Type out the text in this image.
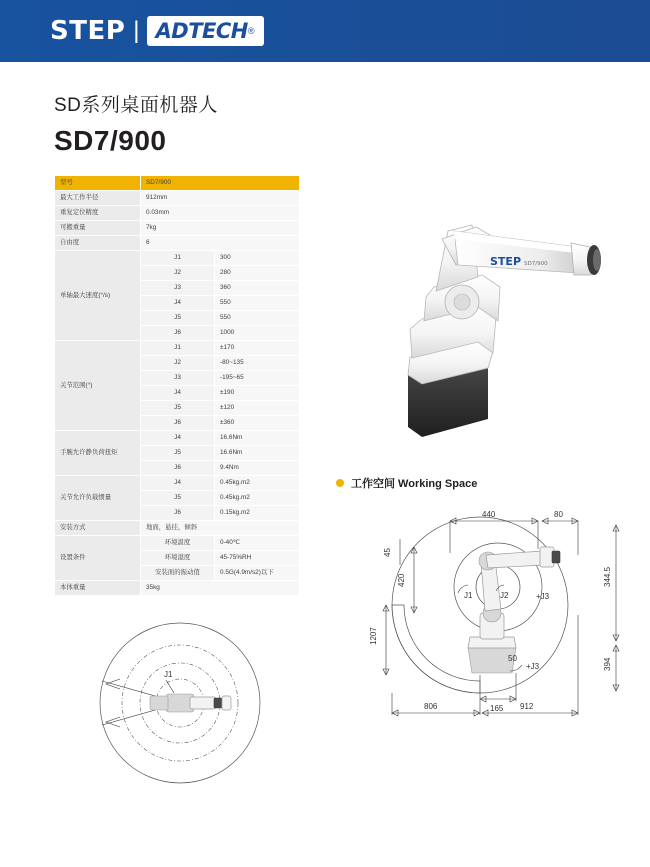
STEP | ADTECH ®
SD系列桌面机器人
SD7/900
型号	SD7/900	
最大工作半径	912mm	
重复定位精度	0.03mm	
可搬重量	7kg	
自由度	6	
单轴最大速度(°/s)	J1	300
	J2	280
	J3	360
	J4	550
	J5	550
	J6	1000
关节范围(°)	J1	±170
	J2	-80~135
	J3	-195~65
	J4	±190
	J5	±120
	J6	±360
手腕允许静负荷扭矩	J4	16.6Nm
	J5	16.6Nm
	J6	9.4Nm
关节允许负载惯量	J4	0.45kg.m2
	J5	0.45kg.m2
	J6	0.15kg.m2
安装方式	地面，悬挂，倾斜	
设置条件	环境温度	0-40℃
	环境湿度	45-75%RH
	安装面的振动值	0.5G(4.9m/s2)以下
本体重量	35kg	
J1
STEP SD7/900
工作空间 Working Space
J1	J2	+J3
+J3
440	80
45
420
1207
344.5
394
50
165
806	912
